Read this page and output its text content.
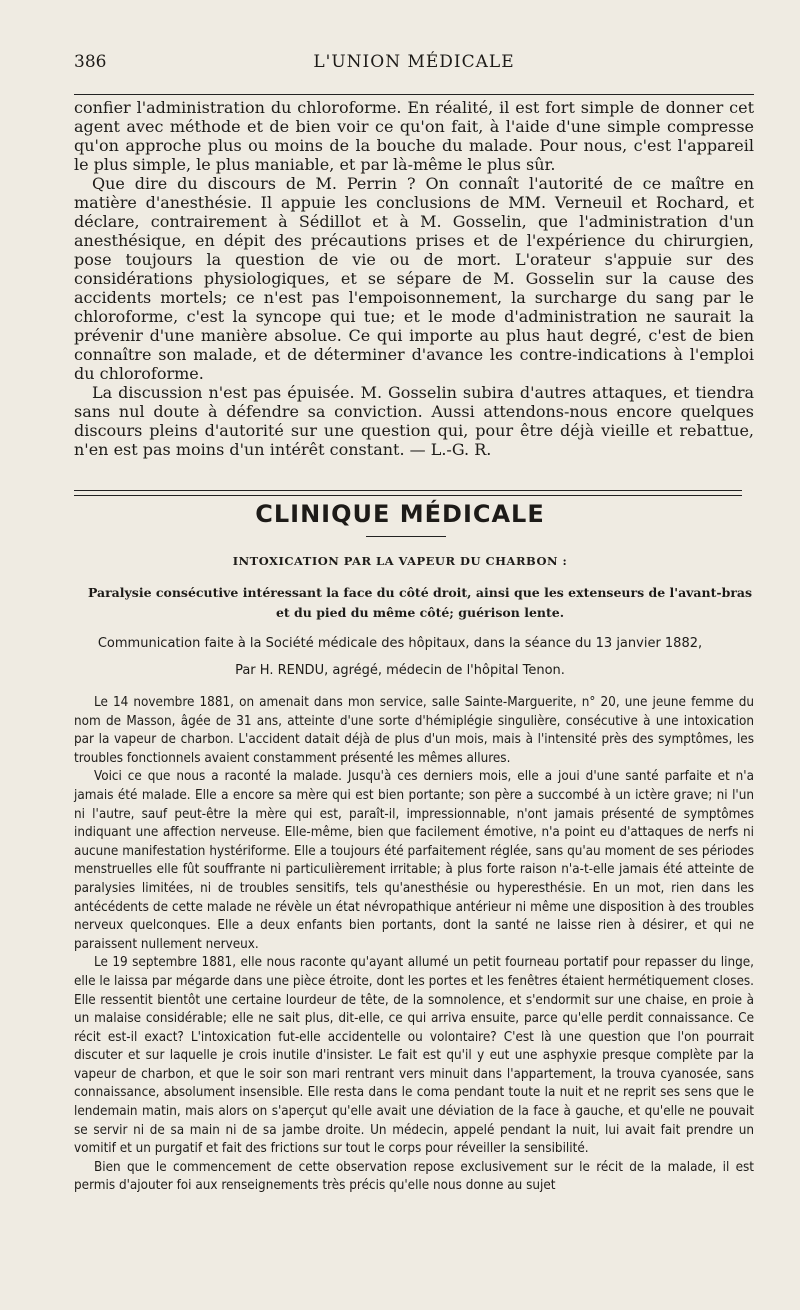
386	L'UNION MÉDICALE

confier l'administration du chloroforme. En réalité, il est fort simple de donner cet agent avec méthode et de bien voir ce qu'on fait, à l'aide d'une simple compresse qu'on approche plus ou moins de la bouche du malade. Pour nous, c'est l'appareil le plus simple, le plus maniable, et par là-même le plus sûr.

Que dire du discours de M. Perrin ? On connaît l'autorité de ce maître en matière d'anesthésie. Il appuie les conclusions de MM. Verneuil et Rochard, et déclare, contrairement à Sédillot et à M. Gosselin, que l'administration d'un anesthésique, en dépit des précautions prises et de l'expérience du chirurgien, pose toujours la question de vie ou de mort. L'orateur s'appuie sur des considérations physiologiques, et se sépare de M. Gosselin sur la cause des accidents mortels; ce n'est pas l'empoisonnement, la surcharge du sang par le chloroforme, c'est la syncope qui tue; et le mode d'administration ne saurait la prévenir d'une manière absolue. Ce qui importe au plus haut degré, c'est de bien connaître son malade, et de déterminer d'avance les contre-indications à l'emploi du chloroforme.

La discussion n'est pas épuisée. M. Gosselin subira d'autres attaques, et tiendra sans nul doute à défendre sa conviction. Aussi attendons-nous encore quelques discours pleins d'autorité sur une question qui, pour être déjà vieille et rebattue, n'en est pas moins d'un intérêt constant. — L.-G. R.

CLINIQUE MÉDICALE
INTOXICATION PAR LA VAPEUR DU CHARBON :
Paralysie consécutive intéressant la face du côté droit, ainsi que les extenseurs de l'avant-bras et du pied du même côté; guérison lente.
Communication faite à la Société médicale des hôpitaux, dans la séance du 13 janvier 1882,
Par H. RENDU, agrégé, médecin de l'hôpital Tenon.

Le 14 novembre 1881, on amenait dans mon service, salle Sainte-Marguerite, n° 20, une jeune femme du nom de Masson, âgée de 31 ans, atteinte d'une sorte d'hémiplégie singulière, consécutive à une intoxication par la vapeur de charbon. L'accident datait déjà de plus d'un mois, mais à l'intensité près des symptômes, les troubles fonctionnels avaient constamment présenté les mêmes allures.

Voici ce que nous a raconté la malade. Jusqu'à ces derniers mois, elle a joui d'une santé parfaite et n'a jamais été malade. Elle a encore sa mère qui est bien portante; son père a succombé à un ictère grave; ni l'un ni l'autre, sauf peut-être la mère qui est, paraît-il, impressionnable, n'ont jamais présenté de symptômes indiquant une affection nerveuse. Elle-même, bien que facilement émotive, n'a point eu d'attaques de nerfs ni aucune manifestation hystériforme. Elle a toujours été parfaitement réglée, sans qu'au moment de ses périodes menstruelles elle fût souffrante ni particulièrement irritable; à plus forte raison n'a-t-elle jamais été atteinte de paralysies limitées, ni de troubles sensitifs, tels qu'anesthésie ou hyperesthésie. En un mot, rien dans les antécédents de cette malade ne révèle un état névropathique antérieur ni même une disposition à des troubles nerveux quelconques. Elle a deux enfants bien portants, dont la santé ne laisse rien à désirer, et qui ne paraissent nullement nerveux.

Le 19 septembre 1881, elle nous raconte qu'ayant allumé un petit fourneau portatif pour repasser du linge, elle le laissa par mégarde dans une pièce étroite, dont les portes et les fenêtres étaient hermétiquement closes. Elle ressentit bientôt une certaine lourdeur de tête, de la somnolence, et s'endormit sur une chaise, en proie à un malaise considérable; elle ne sait plus, dit-elle, ce qui arriva ensuite, parce qu'elle perdit connaissance. Ce récit est-il exact? L'intoxication fut-elle accidentelle ou volontaire? C'est là une question que l'on pourrait discuter et sur laquelle je crois inutile d'insister. Le fait est qu'il y eut une asphyxie presque complète par la vapeur de charbon, et que le soir son mari rentrant vers minuit dans l'appartement, la trouva cyanosée, sans connaissance, absolument insensible. Elle resta dans le coma pendant toute la nuit et ne reprit ses sens que le lendemain matin, mais alors on s'aperçut qu'elle avait une déviation de la face à gauche, et qu'elle ne pouvait se servir ni de sa main ni de sa jambe droite. Un médecin, appelé pendant la nuit, lui avait fait prendre un vomitif et un purgatif et fait des frictions sur tout le corps pour réveiller la sensibilité.

Bien que le commencement de cette observation repose exclusivement sur le récit de la malade, il est permis d'ajouter foi aux renseignements très précis qu'elle nous donne au sujet
